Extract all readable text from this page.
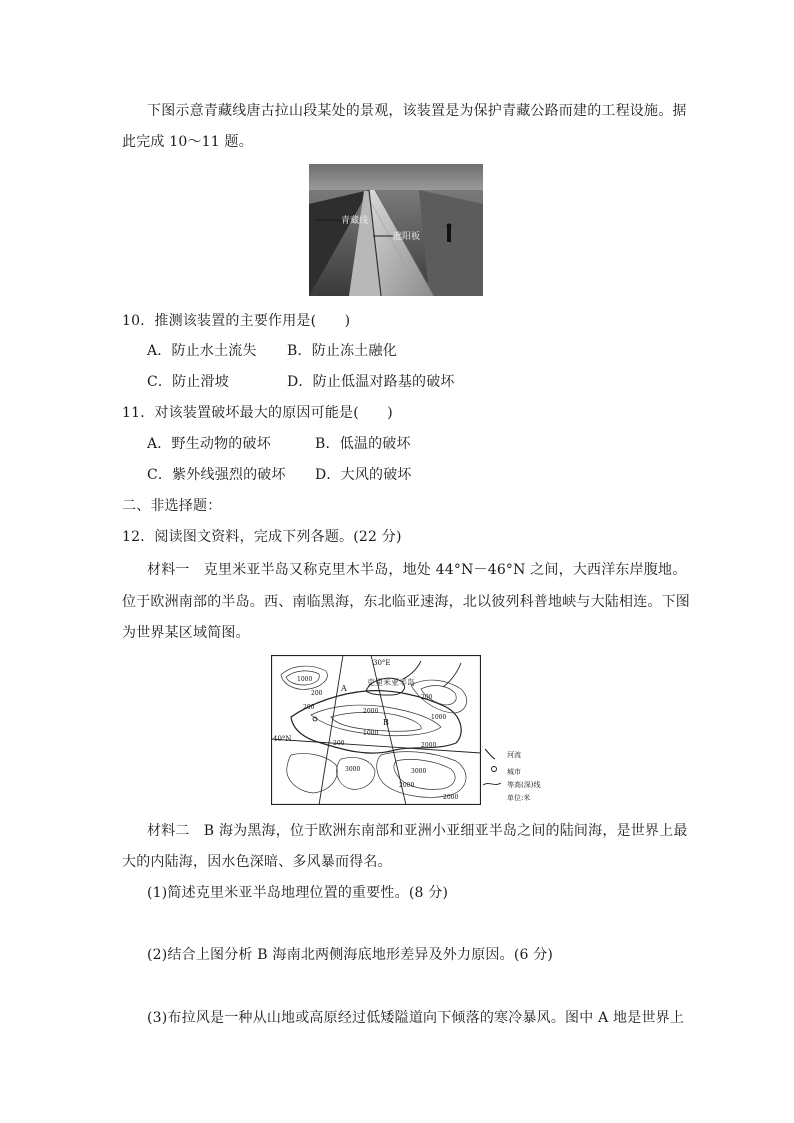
下图示意青藏线唐古拉山段某处的景观，该装置是为保护青藏公路而建的工程设施。据
此完成 10～11 题。
青藏线
遮阳板
10．推测该装置的主要作用是(　　)
A．防止水土流失 B．防止冻土融化
C．防止滑坡	D．防止低温对路基的破坏
11．对该装置破坏最大的原因可能是(　　)
A．野生动物的破坏	B．低温的破坏
C．紫外线强烈的破坏 D．大风的破坏
二、非选择题：
12．阅读图文资料，完成下列各题。(22 分)
材料一　克里米亚半岛又称克里木半岛，地处 44°N－46°N 之间，大西洋东岸腹地。
位于欧洲南部的半岛。西、南临黑海，东北临亚速海，北以彼列科普地峡与大陆相连。下图
为世界某区域简图。
30°E
40°N
克里米亚半岛
B
A
1000
200
200
2000
200
1000
200
1000
2000
3000
2000
3000
2000
河流
城市
等高(深)线
单位:米
材料二　B 海为黑海，位于欧洲东南部和亚洲小亚细亚半岛之间的陆间海，是世界上最
大的内陆海，因水色深暗、多风暴而得名。
(1)简述克里米亚半岛地理位置的重要性。(8 分)
(2)结合上图分析 B 海南北两侧海底地形差异及外力原因。(6 分)
(3)布拉风是一种从山地或高原经过低矮隘道向下倾落的寒冷暴风。图中 A 地是世界上
